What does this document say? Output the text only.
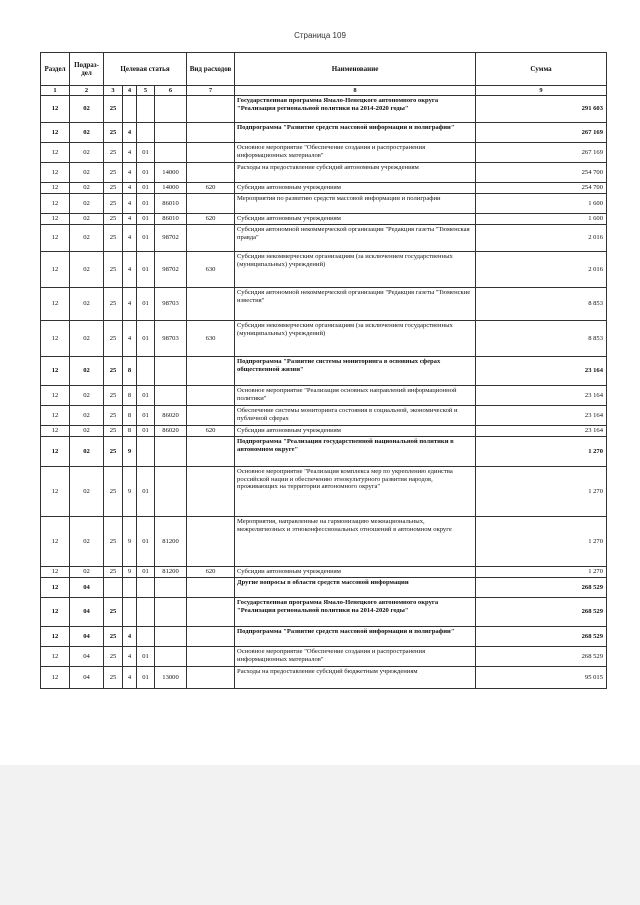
Страница 109
Раздел	Подраз-дел	Целевая статья				Вид расходов	Наименование	Сумма
1	2	3	4	5	6	7	8	9
12	02	25					Государственная программа Ямало-Ненецкого автономного округа "Реализация региональной политики на 2014-2020 годы"	291 603
12	02	25	4				Подпрограмма "Развитие средств массовой информации и полиграфии"	267 169
12	02	25	4	01			Основное мероприятие "Обеспечение создания и распространения информационных материалов"	267 169
12	02	25	4	01	14000		Расходы на предоставление субсидий автономным учреждениям	254 700
12	02	25	4	01	14000	620	Субсидии автономным учреждениям	254 700
12	02	25	4	01	86010		Мероприятия по развитию средств массовой информации и полиграфии	1 600
12	02	25	4	01	86010	620	Субсидии автономным учреждениям	1 600
12	02	25	4	01	98702		Субсидия автономной некоммерческой организации "Редакция газеты "Тюменская правда"	2 016
12	02	25	4	01	98702	630	Субсидии некоммерческим организациям (за исключением государственных (муниципальных) учреждений)	2 016
12	02	25	4	01	98703		Субсидия автономной некоммерческой организации "Редакция газеты "Тюменские известия"	8 853
12	02	25	4	01	98703	630	Субсидии некоммерческим организациям (за исключением государственных (муниципальных) учреждений)	8 853
12	02	25	8				Подпрограмма "Развитие системы мониторинга в основных сферах общественной жизни"	23 164
12	02	25	8	01			Основное мероприятие "Реализация основных направлений информационной политики"	23 164
12	02	25	8	01	86020		Обеспечение системы мониторинга состояния в социальной, экономической и публичной сферах	23 164
12	02	25	8	01	86020	620	Субсидии автономным учреждениям	23 164
12	02	25	9				Подпрограмма "Реализация государственной национальной политики в автономном округе"	1 270
12	02	25	9	01			Основное мероприятие "Реализация комплекса мер по укреплению единства российской нации и обеспечению этнокультурного развития народов, проживающих на территории автономного округа"	1 270
12	02	25	9	01	81200		Мероприятия, направленные на гармонизацию межнациональных, межрелигиозных и этноконфессиональных отношений в автономном округе	1 270
12	02	25	9	01	81200	620	Субсидии автономным учреждениям	1 270
12	04						Другие вопросы в области средств массовой информации	268 529
12	04	25					Государственная программа Ямало-Ненецкого автономного округа "Реализация региональной политики на 2014-2020 годы"	268 529
12	04	25	4				Подпрограмма "Развитие средств массовой информации и полиграфии"	268 529
12	04	25	4	01			Основное мероприятие "Обеспечение создания и распространения информационных материалов"	268 529
12	04	25	4	01	13000		Расходы на предоставление субсидий бюджетным учреждениям	95 015
